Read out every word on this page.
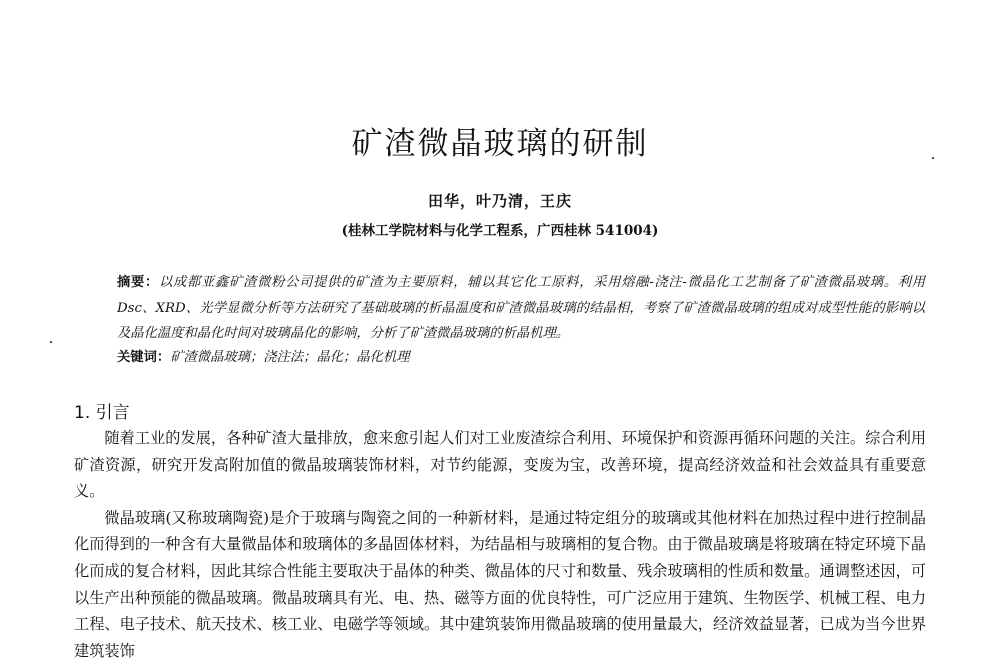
矿渣微晶玻璃的研制
田华，叶乃清，王庆
(桂林工学院材料与化学工程系，广西桂林 541004)
摘要：以成都亚鑫矿渣微粉公司提供的矿渣为主要原料，辅以其它化工原料，采用熔融-浇注-微晶化工艺制备了矿渣微晶玻璃。利用 Dsc、XRD、光学显微分析等方法研究了基础玻璃的析晶温度和矿渣微晶玻璃的结晶相，考察了矿渣微晶玻璃的组成对成型性能的影响以及晶化温度和晶化时间对玻璃晶化的影响，分析了矿渣微晶玻璃的析晶机理。
关键词：矿渣微晶玻璃；浇注法；晶化；晶化机理
1. 引言

随着工业的发展，各种矿渣大量排放，愈来愈引起人们对工业废渣综合利用、环境保护和资源再循环问题的关注。综合利用矿渣资源，研究开发高附加值的微晶玻璃装饰材料，对节约能源，变废为宝，改善环境，提高经济效益和社会效益具有重要意义。

微晶玻璃(又称玻璃陶瓷)是介于玻璃与陶瓷之间的一种新材料，是通过特定组分的玻璃或其他材料在加热过程中进行控制晶化而得到的一种含有大量微晶体和玻璃体的多晶固体材料，为结晶相与玻璃相的复合物。由于微晶玻璃是将玻璃在特定环境下晶化而成的复合材料，因此其综合性能主要取决于晶体的种类、微晶体的尺寸和数量、残余玻璃相的性质和数量。通调整述因，可以生产出种预能的微晶玻璃。微晶玻璃具有光、电、热、磁等方面的优良特性，可广泛应用于建筑、生物医学、机械工程、电力工程、电子技术、航天技术、核工业、电磁学等领域。其中建筑装饰用微晶玻璃的使用量最大，经济效益显著，已成为当今世界建筑装饰
